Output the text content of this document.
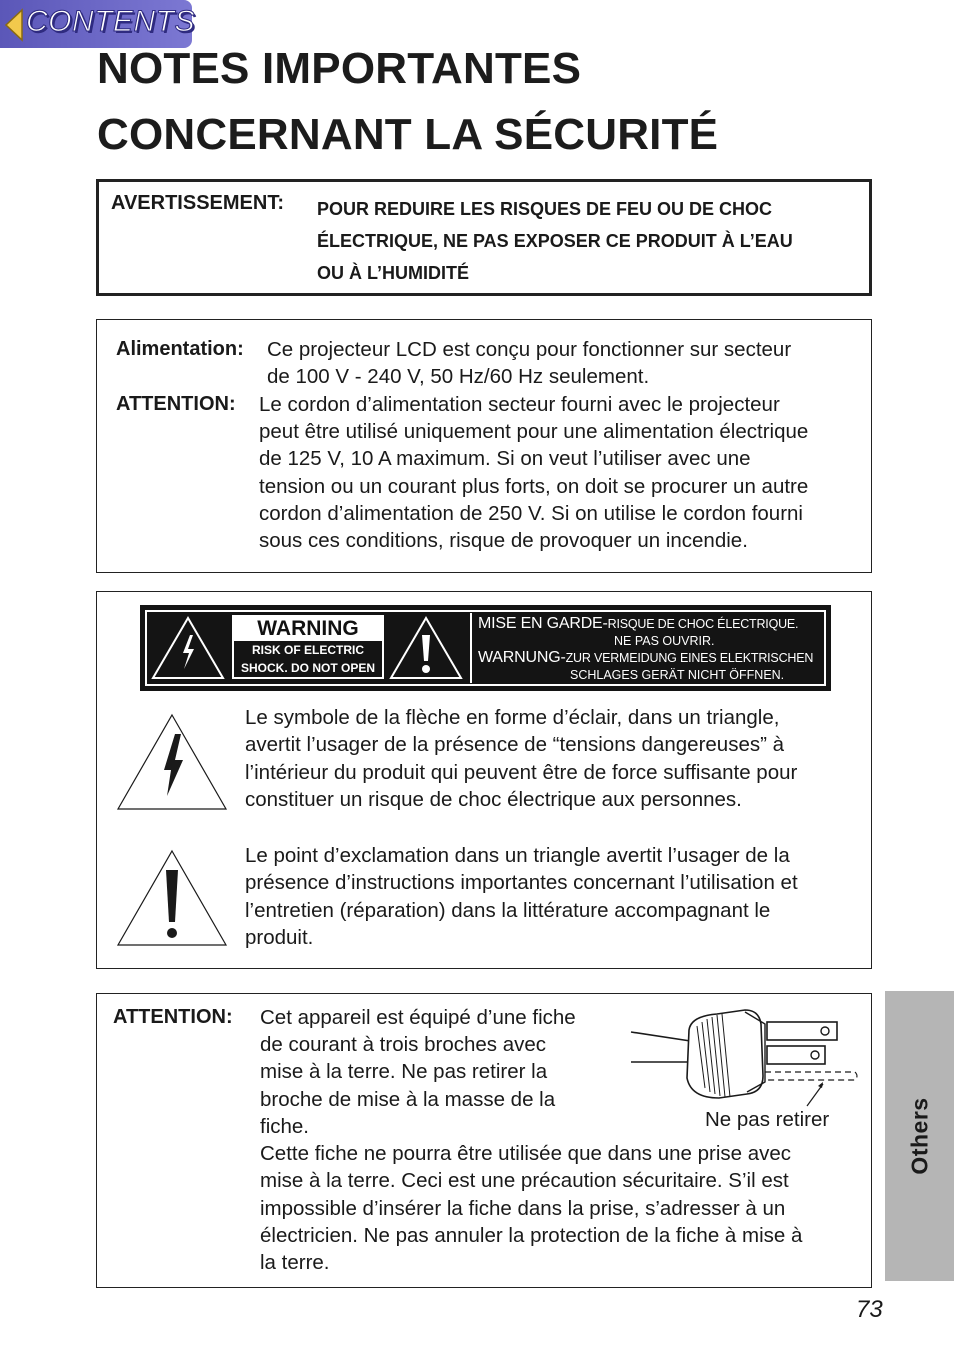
CONTENTS
NOTES IMPORTANTES
CONCERNANT LA SÉCURITÉ
AVERTISSEMENT: POUR REDUIRE LES RISQUES DE FEU OU DE CHOC
ÉLECTRIQUE, NE PAS EXPOSER CE PRODUIT À L’EAU
OU À L’HUMIDITÉ
Alimentation: Ce projecteur LCD est conçu pour fonctionner sur secteur
de 100 V - 240 V, 50 Hz/60 Hz seulement.
ATTENTION: Le cordon d’alimentation secteur fourni avec le projecteur
peut être utilisé uniquement pour une alimentation électrique
de 125 V, 10 A maximum. Si on veut l’utiliser avec une
tension ou un courant plus forts, on doit se procurer un autre
cordon d’alimentation de 250 V. Si on utilise le cordon fourni
sous ces conditions, risque de provoquer un incendie.
WARNING
RISK OF ELECTRIC
SHOCK. DO NOT OPEN
MISE EN GARDE-RISQUE DE CHOC ÉLECTRIQUE.
NE PAS OUVRIR.
WARNUNG-ZUR VERMEIDUNG EINES ELEKTRISCHEN
SCHLAGES GERÄT NICHT ÖFFNEN.
Le symbole de la flèche en forme d’éclair, dans un triangle,
avertit l’usager de la présence de “tensions dangereuses” à
l’intérieur du produit qui peuvent être de force suffisante pour
constituer un risque de choc électrique aux personnes.
Le point d’exclamation dans un triangle avertit l’usager de la
présence d’instructions importantes concernant l’utilisation et
l’entretien (réparation) dans la littérature accompagnant le
produit.
ATTENTION: Cet appareil est équipé d’une fiche
de courant à trois broches avec
mise à la terre. Ne pas retirer la
broche de mise à la masse de la
fiche.
Cette fiche ne pourra être utilisée que dans une prise avec
mise à la terre. Ceci est une précaution sécuritaire. S’il est
impossible d’insérer la fiche dans la prise, s’adresser à un
électricien. Ne pas annuler la protection de la fiche à mise à
la terre.
Ne pas retirer	Others
73
